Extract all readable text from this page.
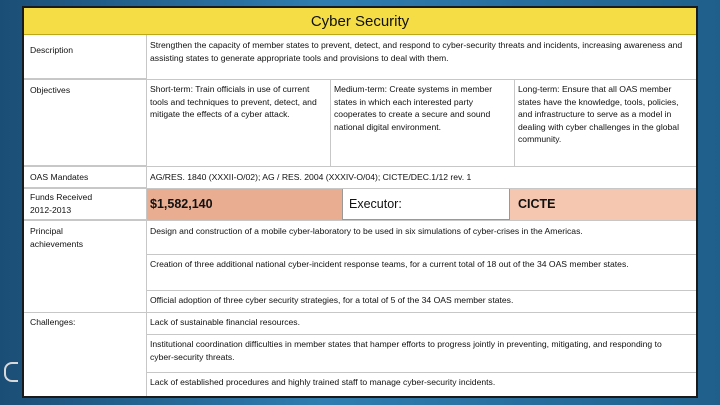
Cyber Security
Description	Strengthen the capacity of member states to prevent, detect, and respond to cyber-security threats and incidents, increasing awareness and assisting states to generate appropriate tools and provisions to deal with them.
Objectives	Short-term: Train officials in use of current tools and techniques to prevent, detect, and mitigate the effects of a cyber attack.
Medium-term: Create systems in member states in which each interested party cooperates to create a secure and sound national digital environment.
Long-term: Ensure that all OAS member states have the knowledge, tools, policies, and infrastructure to serve as a model in dealing with cyber challenges in the global community.
OAS Mandates	AG/RES. 1840 (XXXII-O/02); AG / RES. 2004 (XXXIV-O/04); CICTE/DEC.1/12 rev. 1
Funds Received 2012-2013	$1,582,140	Executor:	CICTE
Principal achievements
Design and construction of a mobile cyber-laboratory to be used in six simulations of cyber-crises in the Americas.
Creation of three additional national cyber-incident response teams, for a current total of 18 out of the 34 OAS member states.
Official adoption of three cyber security strategies, for a total of 5 of the 34 OAS member states.
Challenges:	Lack of sustainable financial resources.
Institutional coordination difficulties in member states that hamper efforts to progress jointly in preventing, mitigating, and responding to cyber-security threats.
Lack of established procedures and highly trained staff to manage cyber-security incidents.
